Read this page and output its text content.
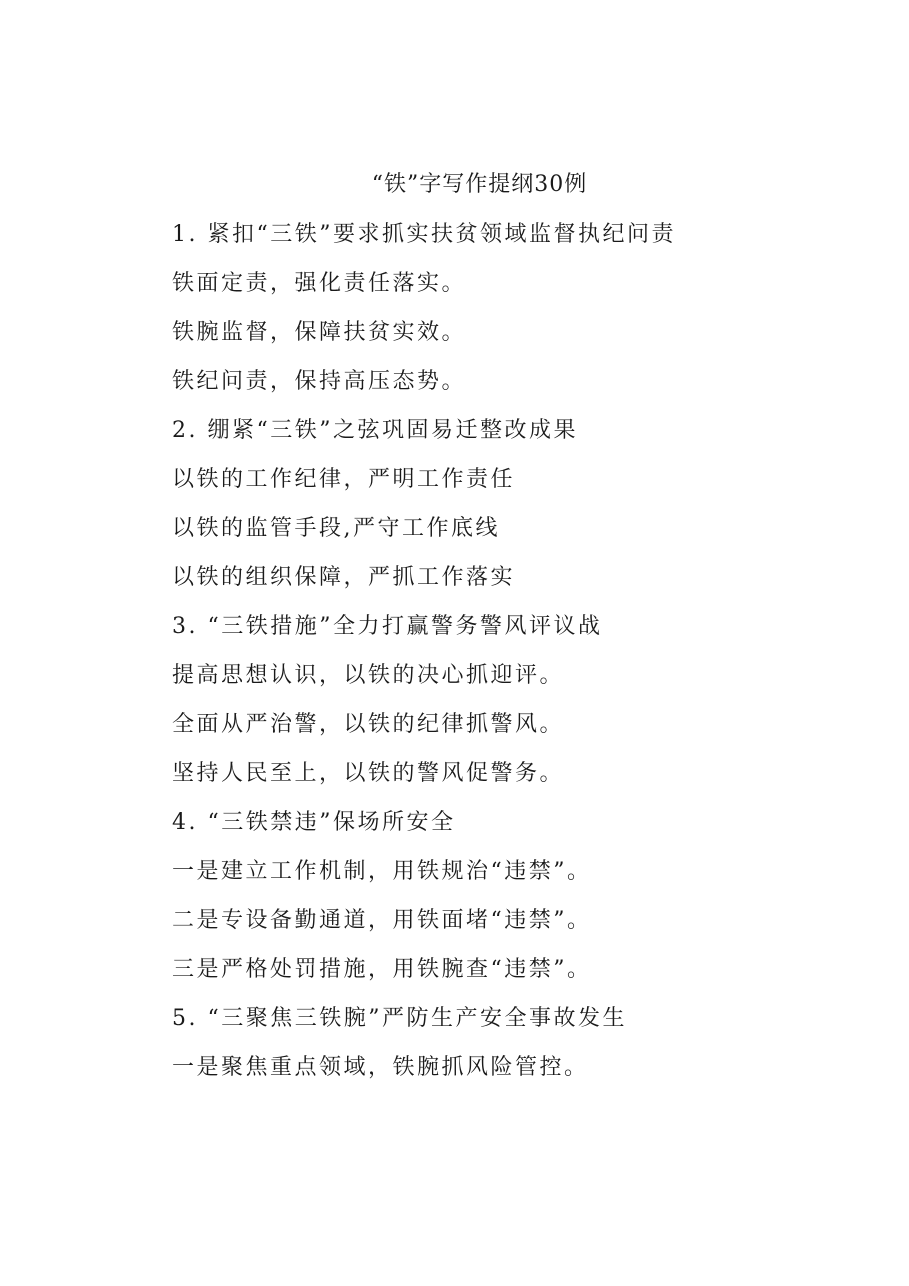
“铁”字写作提纲30例
1. 紧扣“三铁”要求抓实扶贫领域监督执纪问责
铁面定责，强化责任落实。
铁腕监督，保障扶贫实效。
铁纪问责，保持高压态势。
2. 绷紧“三铁”之弦巩固易迁整改成果
以铁的工作纪律，严明工作责任
以铁的监管手段,严守工作底线
以铁的组织保障，严抓工作落实
3. “三铁措施”全力打赢警务警风评议战
提高思想认识，以铁的决心抓迎评。
全面从严治警，以铁的纪律抓警风。
坚持人民至上，以铁的警风促警务。
4. “三铁禁违”保场所安全
一是建立工作机制，用铁规治“违禁”。
二是专设备勤通道，用铁面堵“违禁”。
三是严格处罚措施，用铁腕查“违禁”。
5. “三聚焦三铁腕”严防生产安全事故发生
一是聚焦重点领域，铁腕抓风险管控。
